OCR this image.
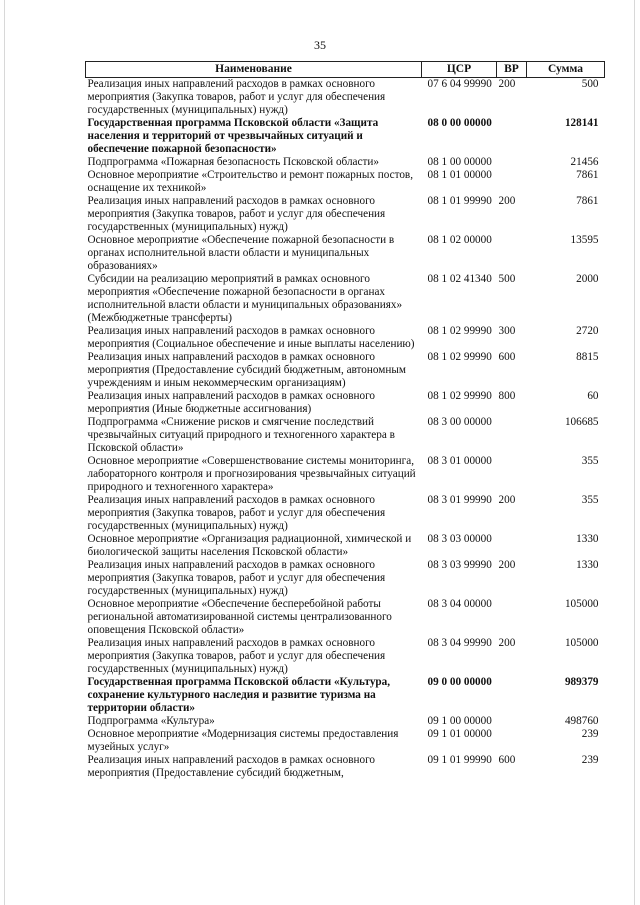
35
Наименование	ЦСР	ВР	Сумма
Реализация иных направлений расходов в рамках основного мероприятия (Закупка товаров, работ и услуг для обеспечения государственных (муниципальных) нужд)	07 6 04 99990	200	500
Государственная программа Псковской области «Защита населения и территорий от чрезвычайных ситуаций и обеспечение пожарной безопасности»	08 0 00 00000		128141
Подпрограмма «Пожарная безопасность Псковской области»	08 1 00 00000		21456
Основное мероприятие «Строительство и ремонт пожарных постов, оснащение их техникой»	08 1 01 00000		7861
Реализация иных направлений расходов в рамках основного мероприятия (Закупка товаров, работ и услуг для обеспечения государственных (муниципальных) нужд)	08 1 01 99990	200	7861
Основное мероприятие «Обеспечение пожарной безопасности в органах исполнительной власти области и муниципальных образованиях»	08 1 02 00000		13595
Субсидии на реализацию мероприятий в рамках основного мероприятия «Обеспечение пожарной безопасности в органах исполнительной власти области и муниципальных образованиях» (Межбюджетные трансферты)	08 1 02 41340	500	2000
Реализация иных направлений расходов в рамках основного мероприятия (Социальное обеспечение и иные выплаты населению)	08 1 02 99990	300	2720
Реализация иных направлений расходов в рамках основного мероприятия (Предоставление субсидий бюджетным, автономным учреждениям и иным некоммерческим организациям)	08 1 02 99990	600	8815
Реализация иных направлений расходов в рамках основного мероприятия (Иные бюджетные ассигнования)	08 1 02 99990	800	60
Подпрограмма «Снижение рисков и смягчение последствий чрезвычайных ситуаций природного и техногенного характера в Псковской области»	08 3 00 00000		106685
Основное мероприятие «Совершенствование системы мониторинга, лабораторного контроля и прогнозирования чрезвычайных ситуаций природного и техногенного характера»	08 3 01 00000		355
Реализация иных направлений расходов в рамках основного мероприятия (Закупка товаров, работ и услуг для обеспечения государственных (муниципальных) нужд)	08 3 01 99990	200	355
Основное мероприятие «Организация радиационной, химической и биологической защиты населения Псковской области»	08 3 03 00000		1330
Реализация иных направлений расходов в рамках основного мероприятия (Закупка товаров, работ и услуг для обеспечения государственных (муниципальных) нужд)	08 3 03 99990	200	1330
Основное мероприятие «Обеспечение бесперебойной работы региональной автоматизированной системы централизованного оповещения Псковской области»	08 3 04 00000		105000
Реализация иных направлений расходов в рамках основного мероприятия (Закупка товаров, работ и услуг для обеспечения государственных (муниципальных) нужд)	08 3 04 99990	200	105000
Государственная программа Псковской области «Культура, сохранение культурного наследия и развитие туризма на территории области»	09 0 00 00000		989379
Подпрограмма «Культура»	09 1 00 00000		498760
Основное мероприятие «Модернизация системы предоставления музейных услуг»	09 1 01 00000		239
Реализация иных направлений расходов в рамках основного мероприятия (Предоставление субсидий бюджетным,	09 1 01 99990	600	239
